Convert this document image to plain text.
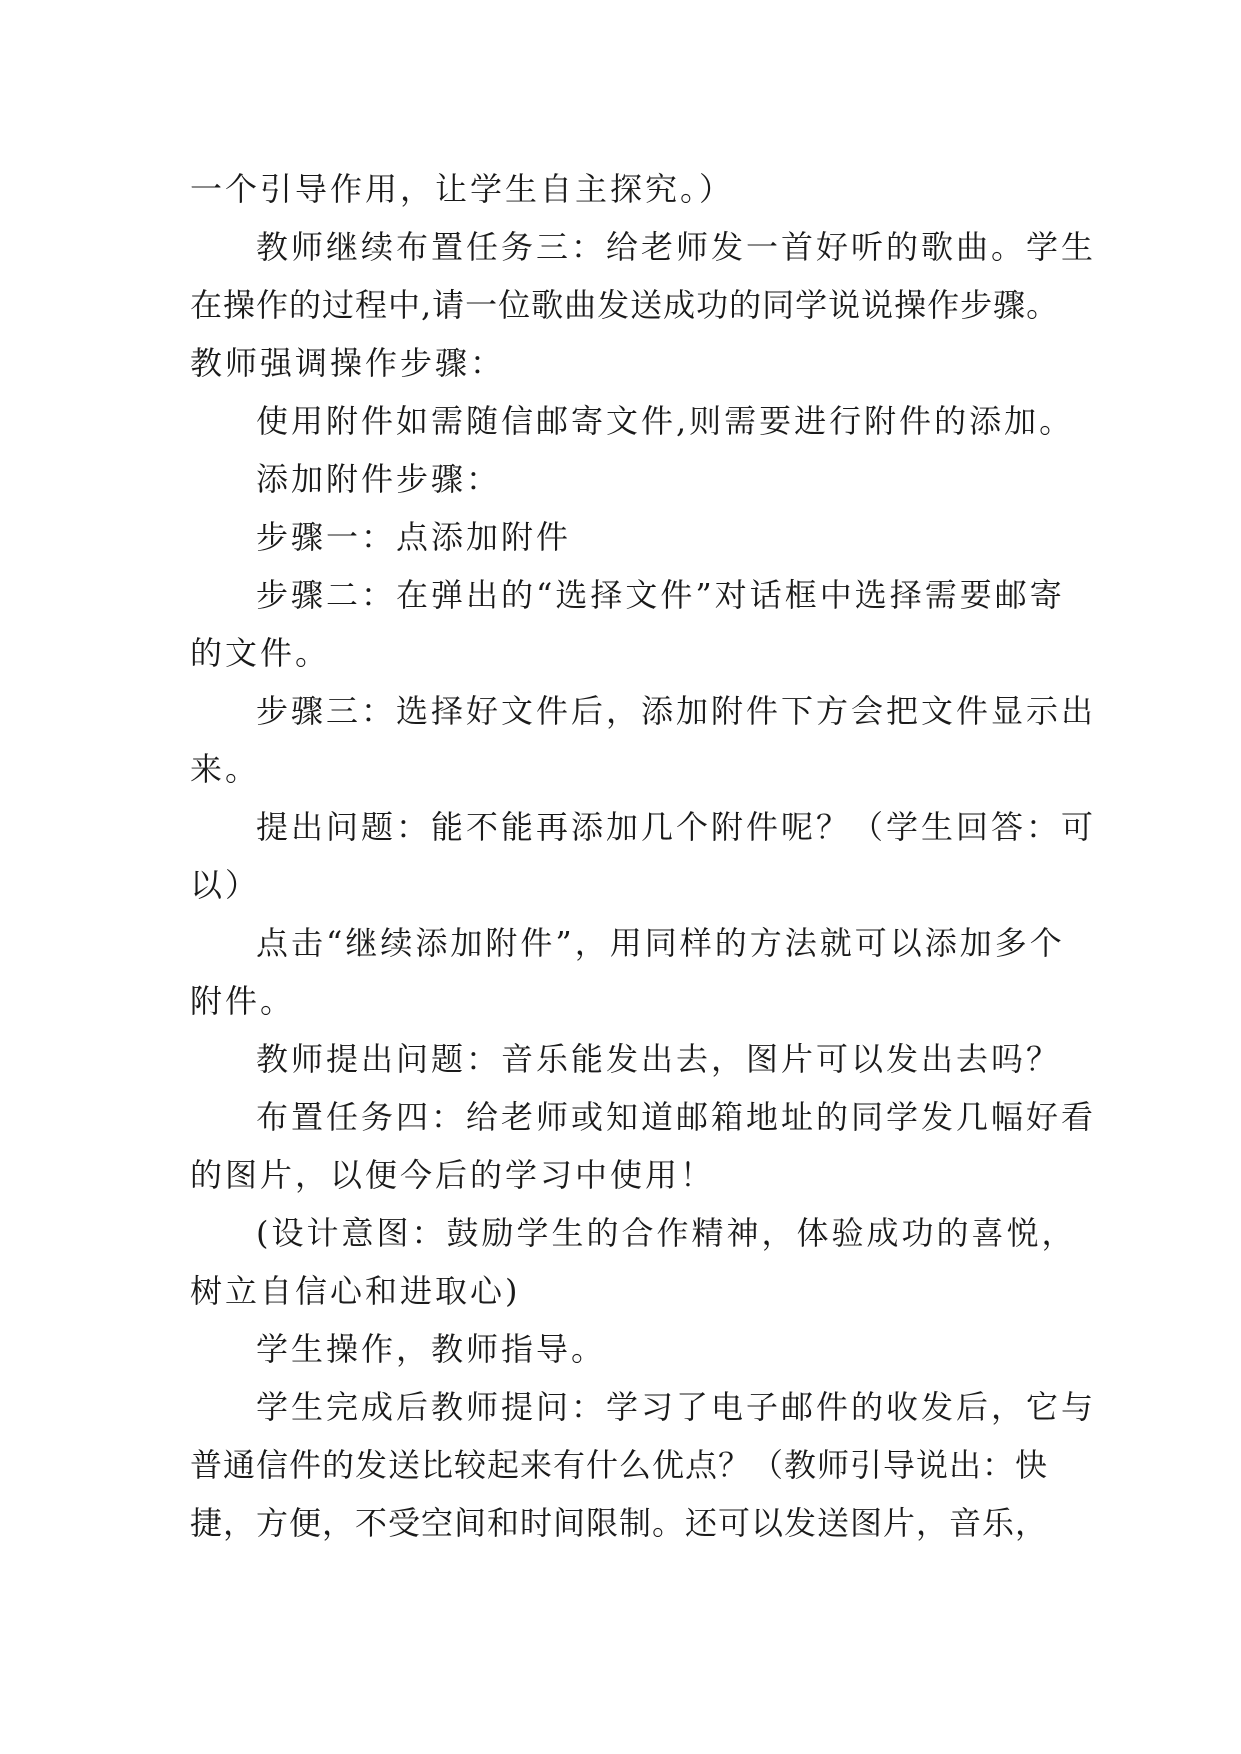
一个引导作用，让学生自主探究。）
教师继续布置任务三：给老师发一首好听的歌曲。学生
在操作的过程中,请一位歌曲发送成功的同学说说操作步骤。
教师强调操作步骤：
使用附件如需随信邮寄文件,则需要进行附件的添加。
添加附件步骤：
步骤一：点添加附件
步骤二：在弹出的“选择文件”对话框中选择需要邮寄
的文件。
步骤三：选择好文件后，添加附件下方会把文件显示出
来。
提出问题：能不能再添加几个附件呢？（学生回答：可
以）
点击“继续添加附件”，用同样的方法就可以添加多个
附件。
教师提出问题：音乐能发出去，图片可以发出去吗？
布置任务四：给老师或知道邮箱地址的同学发几幅好看
的图片，以便今后的学习中使用！
(设计意图：鼓励学生的合作精神，体验成功的喜悦，
树立自信心和进取心)
学生操作，教师指导。
学生完成后教师提问：学习了电子邮件的收发后，它与
普通信件的发送比较起来有什么优点？（教师引导说出：快
捷，方便，不受空间和时间限制。还可以发送图片，音乐，
